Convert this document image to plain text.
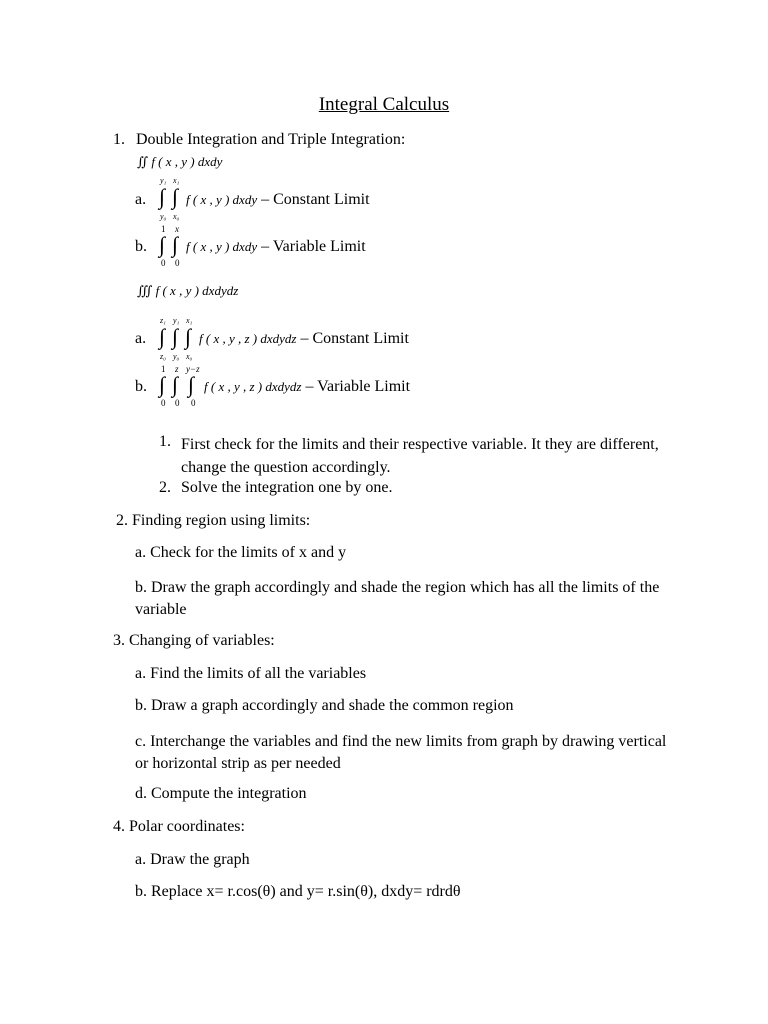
Integral Calculus
1. Double Integration and Triple Integration:
∬ f ( x , y ) dxdy
a. ∫ ∫
y₁ x₁
y₀ x₀
f ( x , y ) dxdy – Constant Limit
b. ∫ ∫
1 x
0 0
f ( x , y ) dxdy – Variable Limit
∭ f ( x , y ) dxdydz
a. ∫ ∫ ∫
z₁ y₁ x₁
z₀ y₀ x₀
f ( x , y , z ) dxdydz – Constant Limit
b. ∫ ∫ ∫
1 z y−z
0 0 0
f ( x , y , z ) dxdydz – Variable Limit
1. First check for the limits and their respective variable. It they are different, change the question accordingly.
2. Solve the integration one by one.
2. Finding region using limits:
a. Check for the limits of x and y
b. Draw the graph accordingly and shade the region which has all the limits of the variable
3. Changing of variables:
a. Find the limits of all the variables
b. Draw a graph accordingly and shade the common region
c. Interchange the variables and find the new limits from graph by drawing vertical or horizontal strip as per needed
d. Compute the integration
4. Polar coordinates:
a. Draw the graph
b. Replace x= r.cos(θ) and y= r.sin(θ), dxdy= rdrdθ
